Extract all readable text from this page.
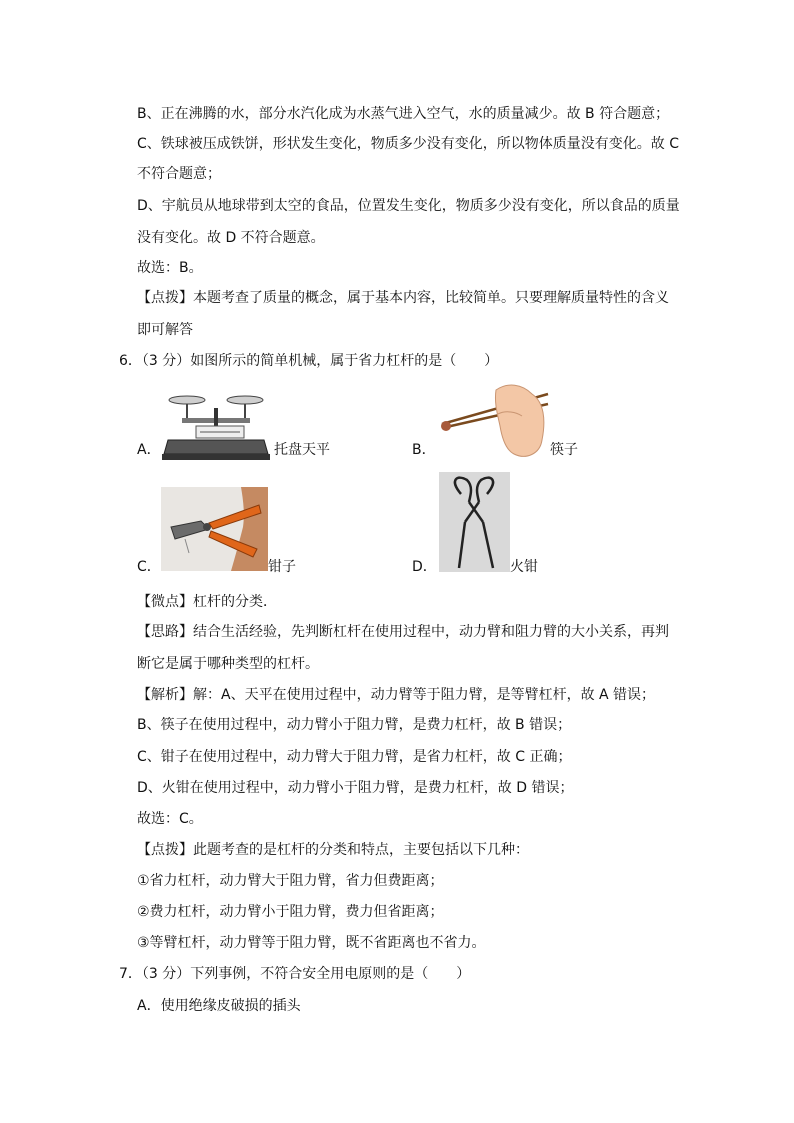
B、正在沸腾的水，部分水汽化成为水蒸气进入空气，水的质量减少。故 B 符合题意；
C、铁球被压成铁饼，形状发生变化，物质多少没有变化，所以物体质量没有变化。故 C
不符合题意；
D、宇航员从地球带到太空的食品，位置发生变化，物质多少没有变化，所以食品的质量
没有变化。故 D 不符合题意。
故选：B。
【点拨】本题考查了质量的概念，属于基本内容，比较简单。只要理解质量特性的含义
即可解答
6．（3 分）如图所示的简单机械，属于省力杠杆的是（　　）
A．	托盘天平	B．	筷子
C．	钳子	D．	火钳
【微点】杠杆的分类．
【思路】结合生活经验，先判断杠杆在使用过程中，动力臂和阻力臂的大小关系，再判
断它是属于哪种类型的杠杆。
【解析】解：A、天平在使用过程中，动力臂等于阻力臂，是等臂杠杆，故 A 错误；
B、筷子在使用过程中，动力臂小于阻力臂，是费力杠杆，故 B 错误；
C、钳子在使用过程中，动力臂大于阻力臂，是省力杠杆，故 C 正确；
D、火钳在使用过程中，动力臂小于阻力臂，是费力杠杆，故 D 错误；
故选：C。
【点拨】此题考查的是杠杆的分类和特点，主要包括以下几种：
①省力杠杆，动力臂大于阻力臂，省力但费距离；
②费力杠杆，动力臂小于阻力臂，费力但省距离；
③等臂杠杆，动力臂等于阻力臂，既不省距离也不省力。
7．（3 分）下列事例，不符合安全用电原则的是（　　）
A．使用绝缘皮破损的插头
